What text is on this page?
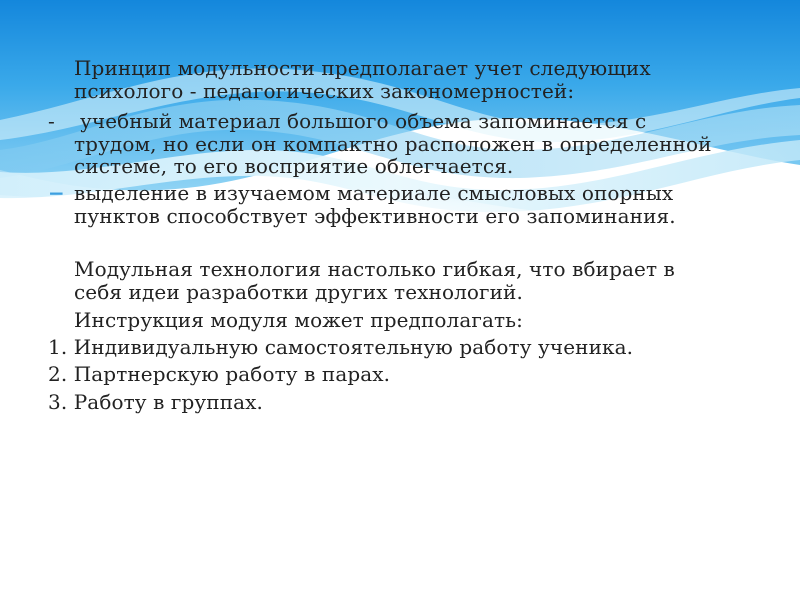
Принцип модульности предполагает учет следующих
психолого - педагогических закономерностей:
- учебный материал большого объема запоминается с
трудом, но если он компактно расположен в определенной
системе, то его восприятие облегчается.
− выделение в изучаемом материале смысловых опорных
пунктов способствует эффективности его запоминания.
Модульная технология настолько гибкая, что вбирает в
себя идеи разработки других технологий.
Инструкция модуля может предполагать:
1. Индивидуальную самостоятельную работу ученика.
2. Партнерскую работу в парах.
3. Работу в группах.
